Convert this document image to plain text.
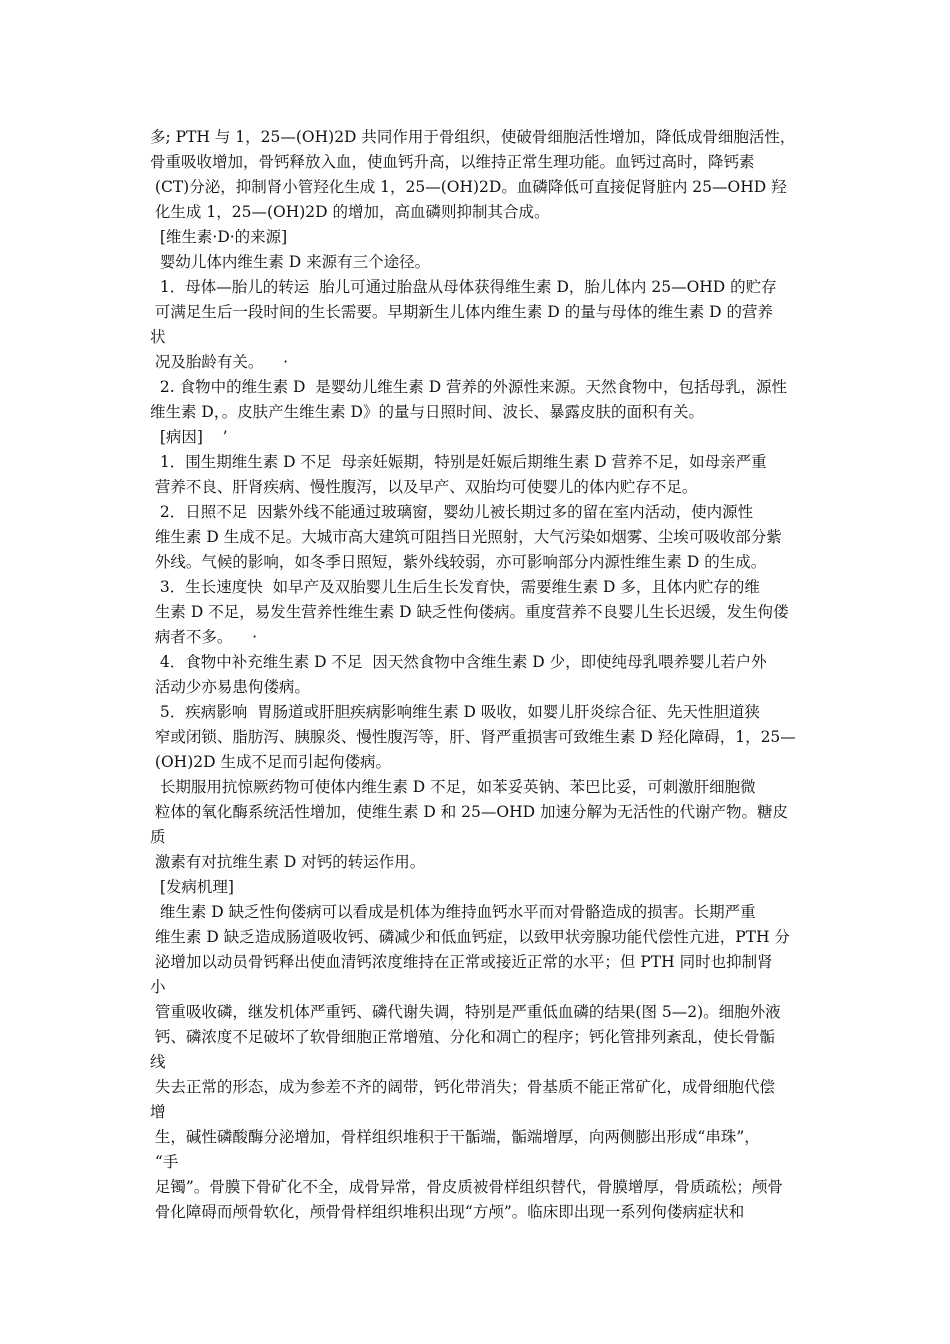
多; PTH 与 1，25—(OH)2D 共同作用于骨组织，使破骨细胞活性增加，降低成骨细胞活性，
骨重吸收增加，骨钙释放入血，使血钙升高，以维持正常生理功能。血钙过高时，降钙素
(CT)分泌，抑制肾小管羟化生成 1，25—(OH)2D。血磷降低可直接促肾脏内 25—OHD 羟
化生成 1，25—(OH)2D 的增加，高血磷则抑制其合成。
[维生素·D·的来源]
婴幼儿体内维生素 D 来源有三个途径。
1．母体—胎儿的转运  胎儿可通过胎盘从母体获得维生素 D，胎儿体内 25—OHD 的贮存
可满足生后一段时间的生长需要。早期新生儿体内维生素 D 的量与母体的维生素 D 的营养
状
况及胎龄有关。    ·
2. 食物中的维生素 D  是婴幼儿维生素 D 营养的外源性来源。天然食物中，包括母乳，源性
维生素 D，。皮肤产生维生素 D》的量与日照时间、波长、暴露皮肤的面积有关。
[病因]    ’
1．围生期维生素 D 不足  母亲妊娠期，特别是妊娠后期维生素 D 营养不足，如母亲严重
营养不良、肝肾疾病、慢性腹泻，以及早产、双胎均可使婴儿的体内贮存不足。
2．日照不足  因紫外线不能通过玻璃窗，婴幼儿被长期过多的留在室内活动，使内源性
维生素 D 生成不足。大城市高大建筑可阻挡日光照射，大气污染如烟雾、尘埃可吸收部分紫
外线。气候的影响，如冬季日照短，紫外线较弱，亦可影响部分内源性维生素 D 的生成。
3．生长速度快  如早产及双胎婴儿生后生长发育快，需要维生素 D 多，且体内贮存的维
生素 D 不足，易发生营养性维生素 D 缺乏性佝偻病。重度营养不良婴儿生长迟缓，发生佝偻
病者不多。    ·
4．食物中补充维生素 D 不足  因天然食物中含维生素 D 少，即使纯母乳喂养婴儿若户外
活动少亦易患佝偻病。
5．疾病影响  胃肠道或肝胆疾病影响维生素 D 吸收，如婴儿肝炎综合征、先天性胆道狭
窄或闭锁、脂肪泻、胰腺炎、慢性腹泻等，肝、肾严重损害可致维生素 D 羟化障碍，1，25—
(OH)2D 生成不足而引起佝偻病。
长期服用抗惊厥药物可使体内维生素 D 不足，如苯妥英钠、苯巴比妥，可刺激肝细胞微
粒体的氧化酶系统活性增加，使维生素 D 和 25—OHD 加速分解为无活性的代谢产物。糖皮
质
激素有对抗维生素 D 对钙的转运作用。
[发病机理]
维生素 D 缺乏性佝偻病可以看成是机体为维持血钙水平而对骨骼造成的损害。长期严重
维生素 D 缺乏造成肠道吸收钙、磷减少和低血钙症，以致甲状旁腺功能代偿性亢进，PTH 分
泌增加以动员骨钙释出使血清钙浓度维持在正常或接近正常的水平；但 PTH 同时也抑制肾
小
管重吸收磷，继发机体严重钙、磷代谢失调，特别是严重低血磷的结果(图 5—2)。细胞外液
钙、磷浓度不足破坏了软骨细胞正常增殖、分化和凋亡的程序；钙化管排列紊乱，使长骨骺
线
失去正常的形态，成为参差不齐的阔带，钙化带消失；骨基质不能正常矿化，成骨细胞代偿
增
生，碱性磷酸酶分泌增加，骨样组织堆积于干骺端，骺端增厚，向两侧膨出形成“串珠”，
“手
足镯”。骨膜下骨矿化不全，成骨异常，骨皮质被骨样组织替代，骨膜增厚，骨质疏松；颅骨
骨化障碍而颅骨软化，颅骨骨样组织堆积出现“方颅”。临床即出现一系列佝偻病症状和
